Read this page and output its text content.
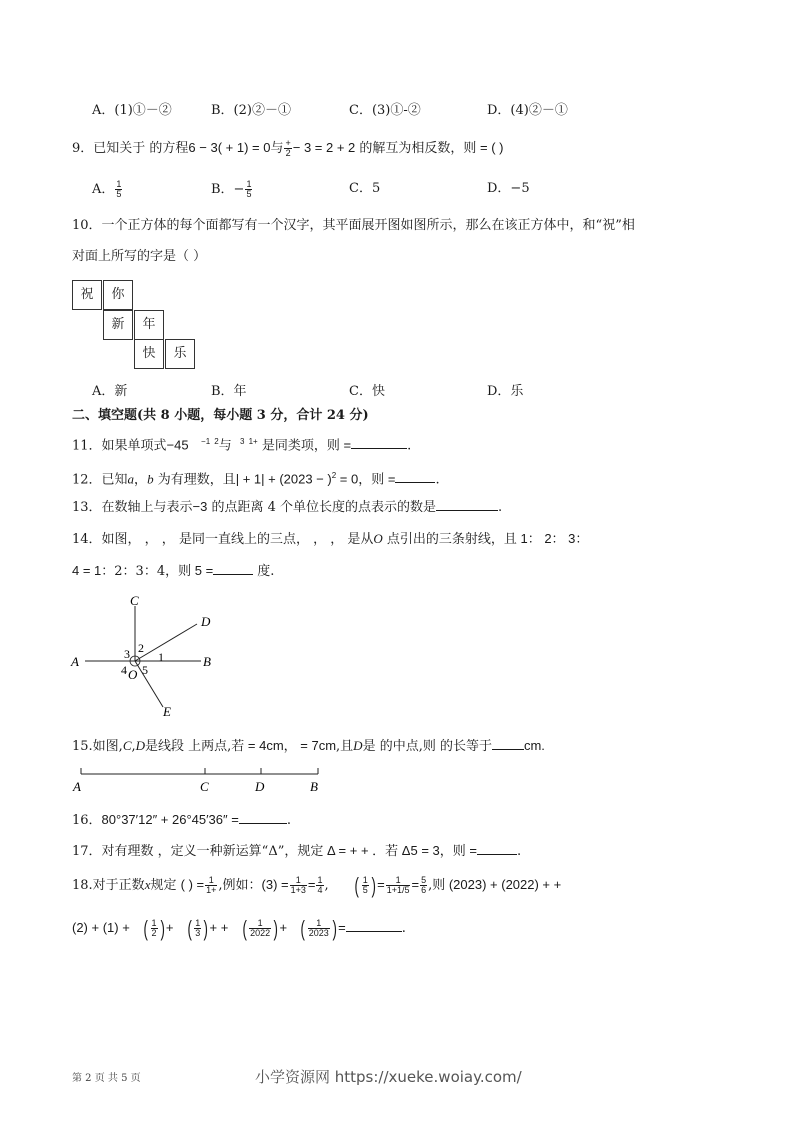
A．(1)①－②	B．(2)②－①	C．(3)①-②	D．(4)②－①
9．已知关于 的方程6 − 3( + 1) = 0与 $\frac{+}{2} - 3 = 2 + 2$ 的解互为相反数，则 = ( )
A． $\frac{1}{5}$	B．− $\frac{1}{5}$	C．5	D．−5
10．一个正方体的每个面都写有一个汉字，其平面展开图如图所示，那么在该正方体中，和“祝”相
对面上所写的字是（ ）
祝	你
新	年
快	乐
A．新	B．年	C．快	D．乐
二、填空题(共 8 小题，每小题 3 分，合计 24 分)
11．如果单项式−45 $^{-1}$ $^2$与 $^3$ $^{1+}$ 是同类项，则 =	.
12．已知a，b 为有理数，且| + $1| + (2023 - )^2 = 0$，则 =	.
13．在数轴上与表示−3 的点距离 4 个单位长度的点表示的数是	.
14．如图， ， ， 是同一直线上的三点， ， ， 是从O 点引出的三条射线，且 1： 2： 3：
4 = 1：2：3：4，则 5 =	度.
A	B
C
D
E
O
1
2
3
4 5
15.如图,C,D是线段 上两点,若 = 4cm， = 7cm,且D是 的中点,则 的长等于 cm.
A	C	D	B
16．80°37′12″ + 26°45′36″ =	.
17．对有理数 ，定义一种新运算“Δ”，规定 Δ = + + ．若 Δ5 = 3，则 =	.
18.对于正数x规定 ( ) = $\frac{1}{1+}$ ,例如：$(3) = \frac{1}{1+3} = \frac{1}{4}$ , ( $\frac{1}{5}$ )= $\frac{1}{1+1/5} = \frac{5}{6}$ ,则 (2023) + (2022) + +
(2) + (1) + ( $\frac{1}{2}$ )+ ( $\frac{1}{3}$ )+ + ( $\frac{1}{2022}$ )+ ( $\frac{1}{2023}$ )=	.
第 2 页 共 5 页	小学资源网 https://xueke.woiay.com/
